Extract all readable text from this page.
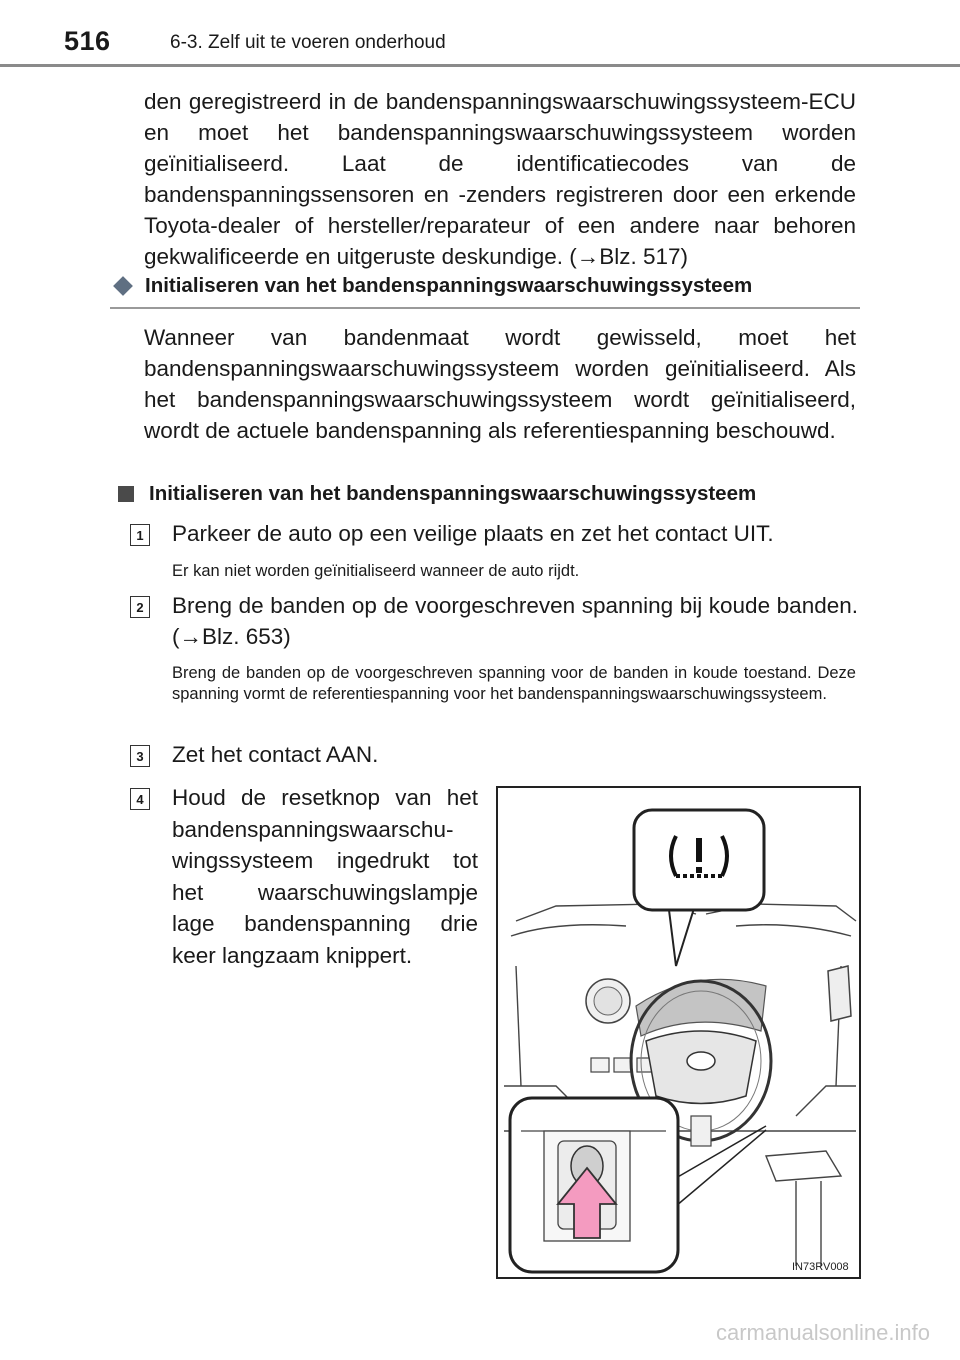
516	6-3. Zelf uit te voeren onderhoud
den geregistreerd in de bandenspanningswaarschuwingssysteem-ECU en moet het bandenspanningswaarschuwingssysteem worden geïnitialiseerd. Laat de identificatiecodes van de bandenspanningssensoren en -zenders registreren door een erkende Toyota-dealer of hersteller/reparateur of een andere naar behoren gekwalificeerde en uitgeruste deskundige. (→Blz. 517)
Initialiseren van het bandenspanningswaarschuwingssysteem
Wanneer van bandenmaat wordt gewisseld, moet het bandenspanningswaarschuwingssysteem worden geïnitialiseerd. Als het bandenspanningswaarschuwingssysteem wordt geïnitialiseerd, wordt de actuele bandenspanning als referentiespanning beschouwd.
Initialiseren van het bandenspanningswaarschuwingssysteem
1 Parkeer de auto op een veilige plaats en zet het contact UIT.
Er kan niet worden geïnitialiseerd wanneer de auto rijdt.
2 Breng de banden op de voorgeschreven spanning bij koude banden. (→Blz. 653)
Breng de banden op de voorgeschreven spanning voor de banden in koude toestand. Deze spanning vormt de referentiespanning voor het bandenspanningswaarschuwingssysteem.
3 Zet het contact AAN.
4 Houd de resetknop van het
bandenspanningswaarschu-
wingssysteem ingedrukt tot
het waarschuwingslampje
lage bandenspanning drie
keer langzaam knippert.
IN73RV008
carmanualsonline.info
